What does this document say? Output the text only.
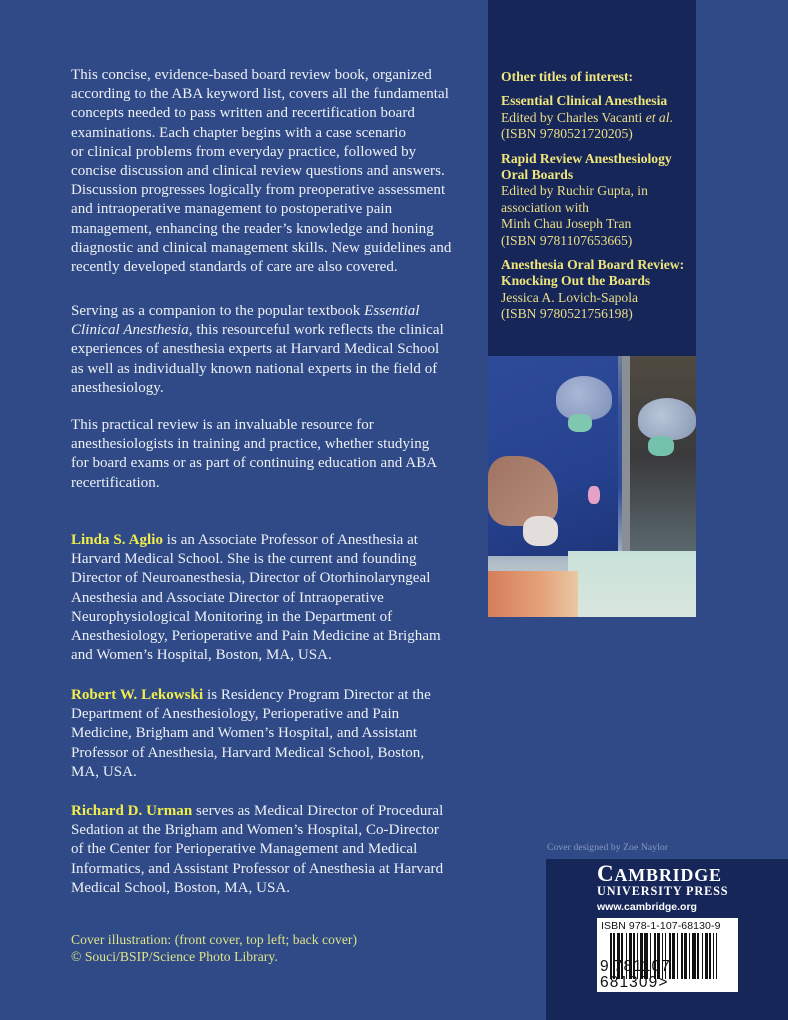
This concise, evidence-based board review book, organized
according to the ABA keyword list, covers all the fundamental
concepts needed to pass written and recertification board
examinations. Each chapter begins with a case scenario
or clinical problems from everyday practice, followed by
concise discussion and clinical review questions and answers.
Discussion progresses logically from preoperative assessment
and intraoperative management to postoperative pain
management, enhancing the reader’s knowledge and honing
diagnostic and clinical management skills. New guidelines and
recently developed standards of care are also covered.

Serving as a companion to the popular textbook Essential
Clinical Anesthesia, this resourceful work reflects the clinical
experiences of anesthesia experts at Harvard Medical School
as well as individually known national experts in the field of
anesthesiology.

This practical review is an invaluable resource for
anesthesiologists in training and practice, whether studying
for board exams or as part of continuing education and ABA
recertification.

Linda S. Aglio is an Associate Professor of Anesthesia at
Harvard Medical School. She is the current and founding
Director of Neuroanesthesia, Director of Otorhinolaryngeal
Anesthesia and Associate Director of Intraoperative
Neurophysiological Monitoring in the Department of
Anesthesiology, Perioperative and Pain Medicine at Brigham
and Women’s Hospital, Boston, MA, USA.

Robert W. Lekowski is Residency Program Director at the
Department of Anesthesiology, Perioperative and Pain
Medicine, Brigham and Women’s Hospital, and Assistant
Professor of Anesthesia, Harvard Medical School, Boston,
MA, USA.

Richard D. Urman serves as Medical Director of Procedural
Sedation at the Brigham and Women’s Hospital, Co-Director
of the Center for Perioperative Management and Medical
Informatics, and Assistant Professor of Anesthesia at Harvard
Medical School, Boston, MA, USA.

Cover illustration: (front cover, top left; back cover)
© Souci/BSIP/Science Photo Library.

Other titles of interest:
Essential Clinical Anesthesia
Edited by Charles Vacanti et al.
(ISBN 9780521720205)
Rapid Review Anesthesiology
Oral Boards
Edited by Ruchir Gupta, in
association with
Minh Chau Joseph Tran
(ISBN 9781107653665)
Anesthesia Oral Board Review:
Knocking Out the Boards
Jessica A. Lovich-Sapola
(ISBN 9780521756198)
Cover designed by Zoe Naylor
CAMBRIDGE
UNIVERSITY PRESS
www.cambridge.org
ISBN 978-1-107-68130-9
9 781107681309>
